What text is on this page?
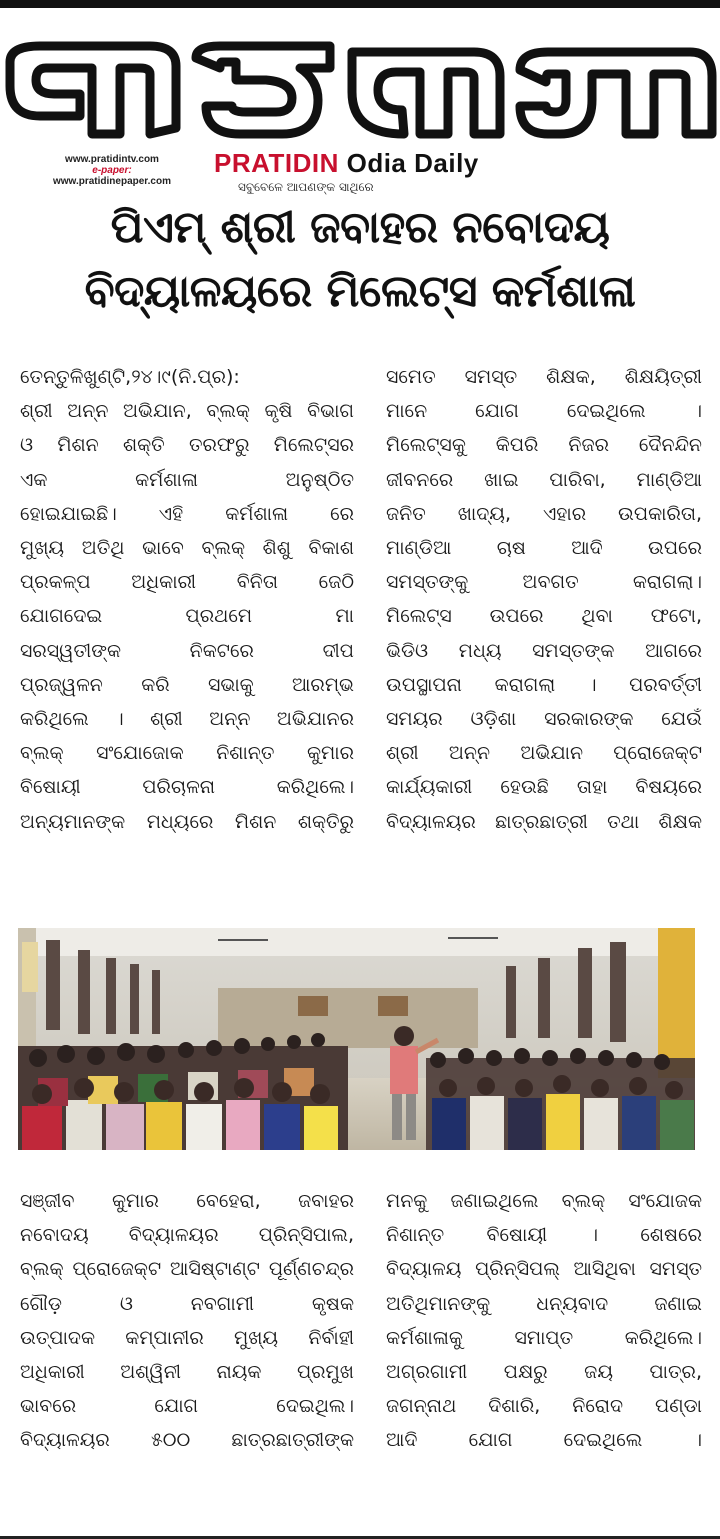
www.pratidintv.com
e-paper:
www.pratidinepaper.com
PRATIDIN Odia Daily
ସବୁବେଳେ ଆପଣଙ୍କ ସାଥିରେ
ପିଏମ୍ ଶ୍ରୀ ଜବାହର ନବୋଦୟ
ବିଦ୍ୟାଳୟରେ ମିଲେଟ୍ସ କର୍ମଶାଳା
ତେନ୍ତୁଳିଖୁଣ୍ଟି,୨୪।୯(ନି.ପ୍ର):
ଶ୍ରୀ ଅନ୍ନ ଅଭିଯାନ, ବ୍ଲକ୍ କୃଷି ବିଭାଗ
ଓ ମିଶନ ଶକ୍ତି ତରଫରୁ ମିଲେଟ୍ସର
ଏକ କର୍ମଶାଳା ଅନୁଷ୍ଠିତ
ହୋଇଯାଇଛି। ଏହି କର୍ମଶାଳା ରେ
ମୁଖ୍ୟ ଅତିଥି ଭାବେ ବ୍ଲକ୍ ଶିଶୁ ବିକାଶ
ପ୍ରକଳ୍ପ ଅଧିକାରୀ ବିନିତା ଜେଠି
ଯୋଗଦେଇ ପ୍ରଥମେ ମା
ସରସ୍ୱତୀଙ୍କ ନିକଟରେ ଦୀପ
ପ୍ରଜ୍ୱଳନ କରି ସଭାକୁ ଆରମ୍ଭ
କରିଥିଲେ । ଶ୍ରୀ ଅନ୍ନ ଅଭିଯାନର
ବ୍ଲକ୍ ସଂଯୋଜୋକ ନିଶାନ୍ତ କୁମାର
ବିଷୋୟୀ ପରିଚାଳନା କରିଥିଲେ।
ଅନ୍ୟମାନଙ୍କ ମଧ୍ୟରେ ମିଶନ ଶକ୍ତିରୁ
ସମେତ ସମସ୍ତ ଶିକ୍ଷକ, ଶିକ୍ଷୟିତ୍ରୀ
ମାନେ ଯୋଗ ଦେଇଥିଲେ ।
ମିଲେଟ୍ସକୁ କିପରି ନିଜର ଦୈନନ୍ଦିନ
ଜୀବନରେ ଖାଇ ପାରିବା, ମାଣ୍ଡିଆ
ଜନିତ ଖାଦ୍ୟ, ଏହାର ଉପକାରିତା,
ମାଣ୍ଡିଆ ଚାଷ ଆଦି ଉପରେ
ସମସ୍ତଙ୍କୁ ଅବଗତ କରାଗଲା।
ମିଲେଟ୍ସ ଉପରେ ଥିବା ଫଟୋ,
ଭିଡିଓ ମଧ୍ୟ ସମସ୍ତଙ୍କ ଆଗରେ
ଉପସ୍ଥାପନା କରାଗଲା । ପରବର୍ତ୍ତୀ
ସମୟର ଓଡ଼ିଶା ସରକାରଙ୍କ ଯେଉଁ
ଶ୍ରୀ ଅନ୍ନ ଅଭିଯାନ ପ୍ରୋଜେକ୍ଟ
କାର୍ଯ୍ୟକାରୀ ହେଉଛି ତାହା ବିଷୟରେ
ବିଦ୍ୟାଳୟର ଛାତ୍ରଛାତ୍ରୀ ତଥା ଶିକ୍ଷକ
ସଞ୍ଜୀବ କୁମାର ବେହେରା, ଜବାହର
ନବୋଦୟ ବିଦ୍ୟାଳୟର ପ୍ରିନ୍ସିପାଲ,
ବ୍ଲକ୍ ପ୍ରୋଜେକ୍ଟ ଆସିଷ୍ଟାଣ୍ଟ ପୂର୍ଣ୍ଣଚନ୍ଦ୍ର
ଗୌଡ଼ ଓ ନବଗାମୀ କୃଷକ
ଉତ୍ପାଦକ କମ୍ପାନୀର ମୁଖ୍ୟ ନିର୍ବାହୀ
ଅଧିକାରୀ ଅଶ୍ୱିନୀ ନାୟକ ପ୍ରମୁଖ
ଭାବରେ ଯୋଗ ଦେଇଥିଲ।
ବିଦ୍ୟାଳୟର ୫୦୦ ଛାତ୍ରଛାତ୍ରୀଙ୍କ
ମନକୁ ଜଣାଇଥିଲେ ବ୍ଲକ୍ ସଂଯୋଜକ
ନିଶାନ୍ତ ବିଷୋୟୀ । ଶେଷରେ
ବିଦ୍ୟାଳୟ ପ୍ରିନ୍ସିପଲ୍ ଆସିଥିବା ସମସ୍ତ
ଅତିଥିମାନଙ୍କୁ ଧନ୍ୟବାଦ ଜଣାଇ
କର୍ମଶାଳାକୁ ସମାପ୍ତ କରିଥିଲେ।
ଅଗ୍ରଗାମୀ ପକ୍ଷରୁ ଜୟ ପାତ୍ର,
ଜଗନ୍ନାଥ ଦିଶାରି, ନିରୋଦ ପଣ୍ଡା
ଆଦି ଯୋଗ ଦେଇଥିଲେ ।
